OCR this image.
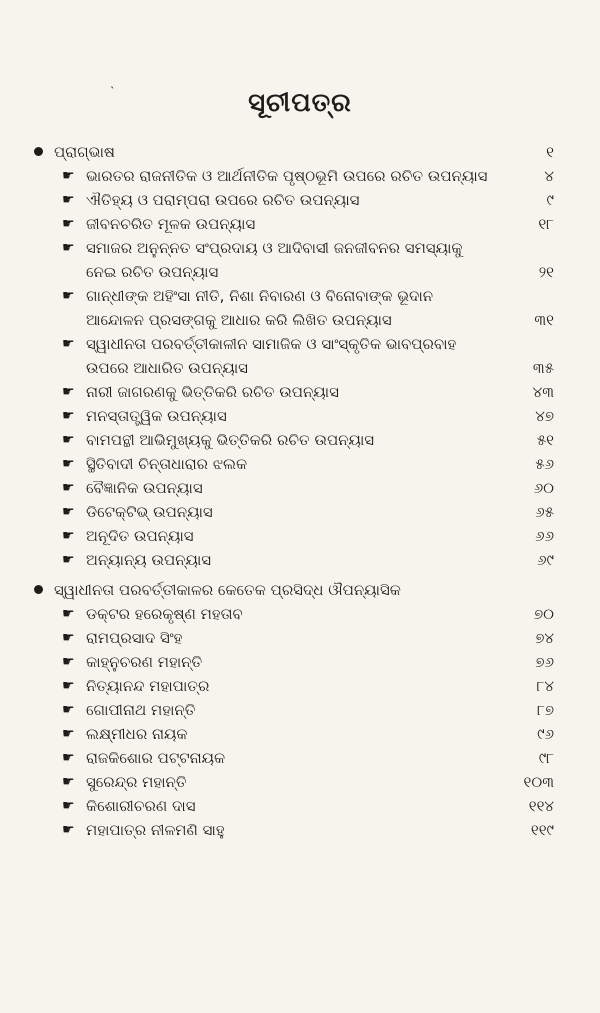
˴
ସୂଚୀପତ୍ର
ପ୍ରାଗ୍‌ଭାଷ	୧
☛ ଭାରତର ରାଜନୀତିକ ଓ ଆର୍ଥନୀତିକ ପୃଷ୍ଠଭୂମି ଉପରେ ରଚିତ ଉପନ୍ୟାସ	୪
☛ ଐତିହ୍ୟ ଓ ପରାମ୍ପରା ଉପରେ ରଚିତ ଉପନ୍ୟାସ	୯
☛ ଜୀବନଚରିତ ମୂଳକ ଉପନ୍ୟାସ	୧୮
☛ ସମାଜର ଅନୁନ୍ନତ ସଂପ୍ରଦାୟ ଓ ଆଦିବାସୀ ଜନଜୀବନର ସମସ୍ୟାକୁ
ନେଇ ରଚିତ ଉପନ୍ୟାସ	୨୧
☛ ଗାନ୍ଧୀଙ୍କ ଅହିଂସା ନୀତି, ନିଶା ନିବାରଣ ଓ ବିନୋବାଙ୍କ ଭୂଦାନ
ଆନ୍ଦୋଳନ ପ୍ରସଙ୍ଗକୁ ଆଧାର କରି ଲିଖିତ ଉପନ୍ୟାସ	୩୧
☛ ସ୍ୱାଧୀନତା ପରବର୍ତ୍ତୀକାଳୀନ ସାମାଜିକ ଓ ସାଂସ୍କୃତିକ ଭାବପ୍ରବାହ
ଉପରେ ଆଧାରିତ ଉପନ୍ୟାସ	୩୫
☛ ନାରୀ ଜାଗରଣକୁ ଭିତ୍ତିକରି ରଚିତ ଉପନ୍ୟାସ	୪୩
☛ ମନସ୍ତାତ୍ତ୍ୱିକ ଉପନ୍ୟାସ	୪୭
☛ ବାମପନ୍ଥୀ ଆଭିମୁଖ୍ୟକୁ ଭିତ୍ତିକରି ରଚିତ ଉପନ୍ୟାସ	୫୧
☛ ସ୍ଥିତିବାଦୀ ଚିନ୍ତାଧାରାର ଝଲକ	୫୬
☛ ବୈଜ୍ଞାନିକ ଉପନ୍ୟାସ	୬୦
☛ ଡିଟେକ୍ଟିଭ୍ ଉପନ୍ୟାସ	୬୫
☛ ଅନୂଦିତ ଉପନ୍ୟାସ	୬୬
☛ ଅନ୍ୟାନ୍ୟ ଉପନ୍ୟାସ	୬୯
ସ୍ୱାଧୀନତା ପରବର୍ତ୍ତୀକାଳର କେତେକ ପ୍ରସିଦ୍ଧ ଔପନ୍ୟାସିକ
☛ ଡକ୍ଟର ହରେକୃଷ୍ଣ ମହତାବ	୭୦
☛ ରାମପ୍ରସାଦ ସିଂହ	୭୪
☛ କାହ୍ନୁଚରଣ ମହାନ୍ତି	୭୬
☛ ନିତ୍ୟାନନ୍ଦ ମହାପାତ୍ର	୮୪
☛ ଗୋପୀନାଥ ମହାନ୍ତି	୮୭
☛ ଲକ୍ଷ୍ମୀଧର ନାୟକ	୯୬
☛ ରାଜକିଶୋର ପଟ୍ଟନାୟକ	୯୮
☛ ସୁରେନ୍ଦ୍ର ମହାନ୍ତି	୧୦୩
☛ କିଶୋରୀଚରଣ ଦାସ	୧୧୪
☛ ମହାପାତ୍ର ନୀଳମଣି ସାହୁ	୧୧୯
